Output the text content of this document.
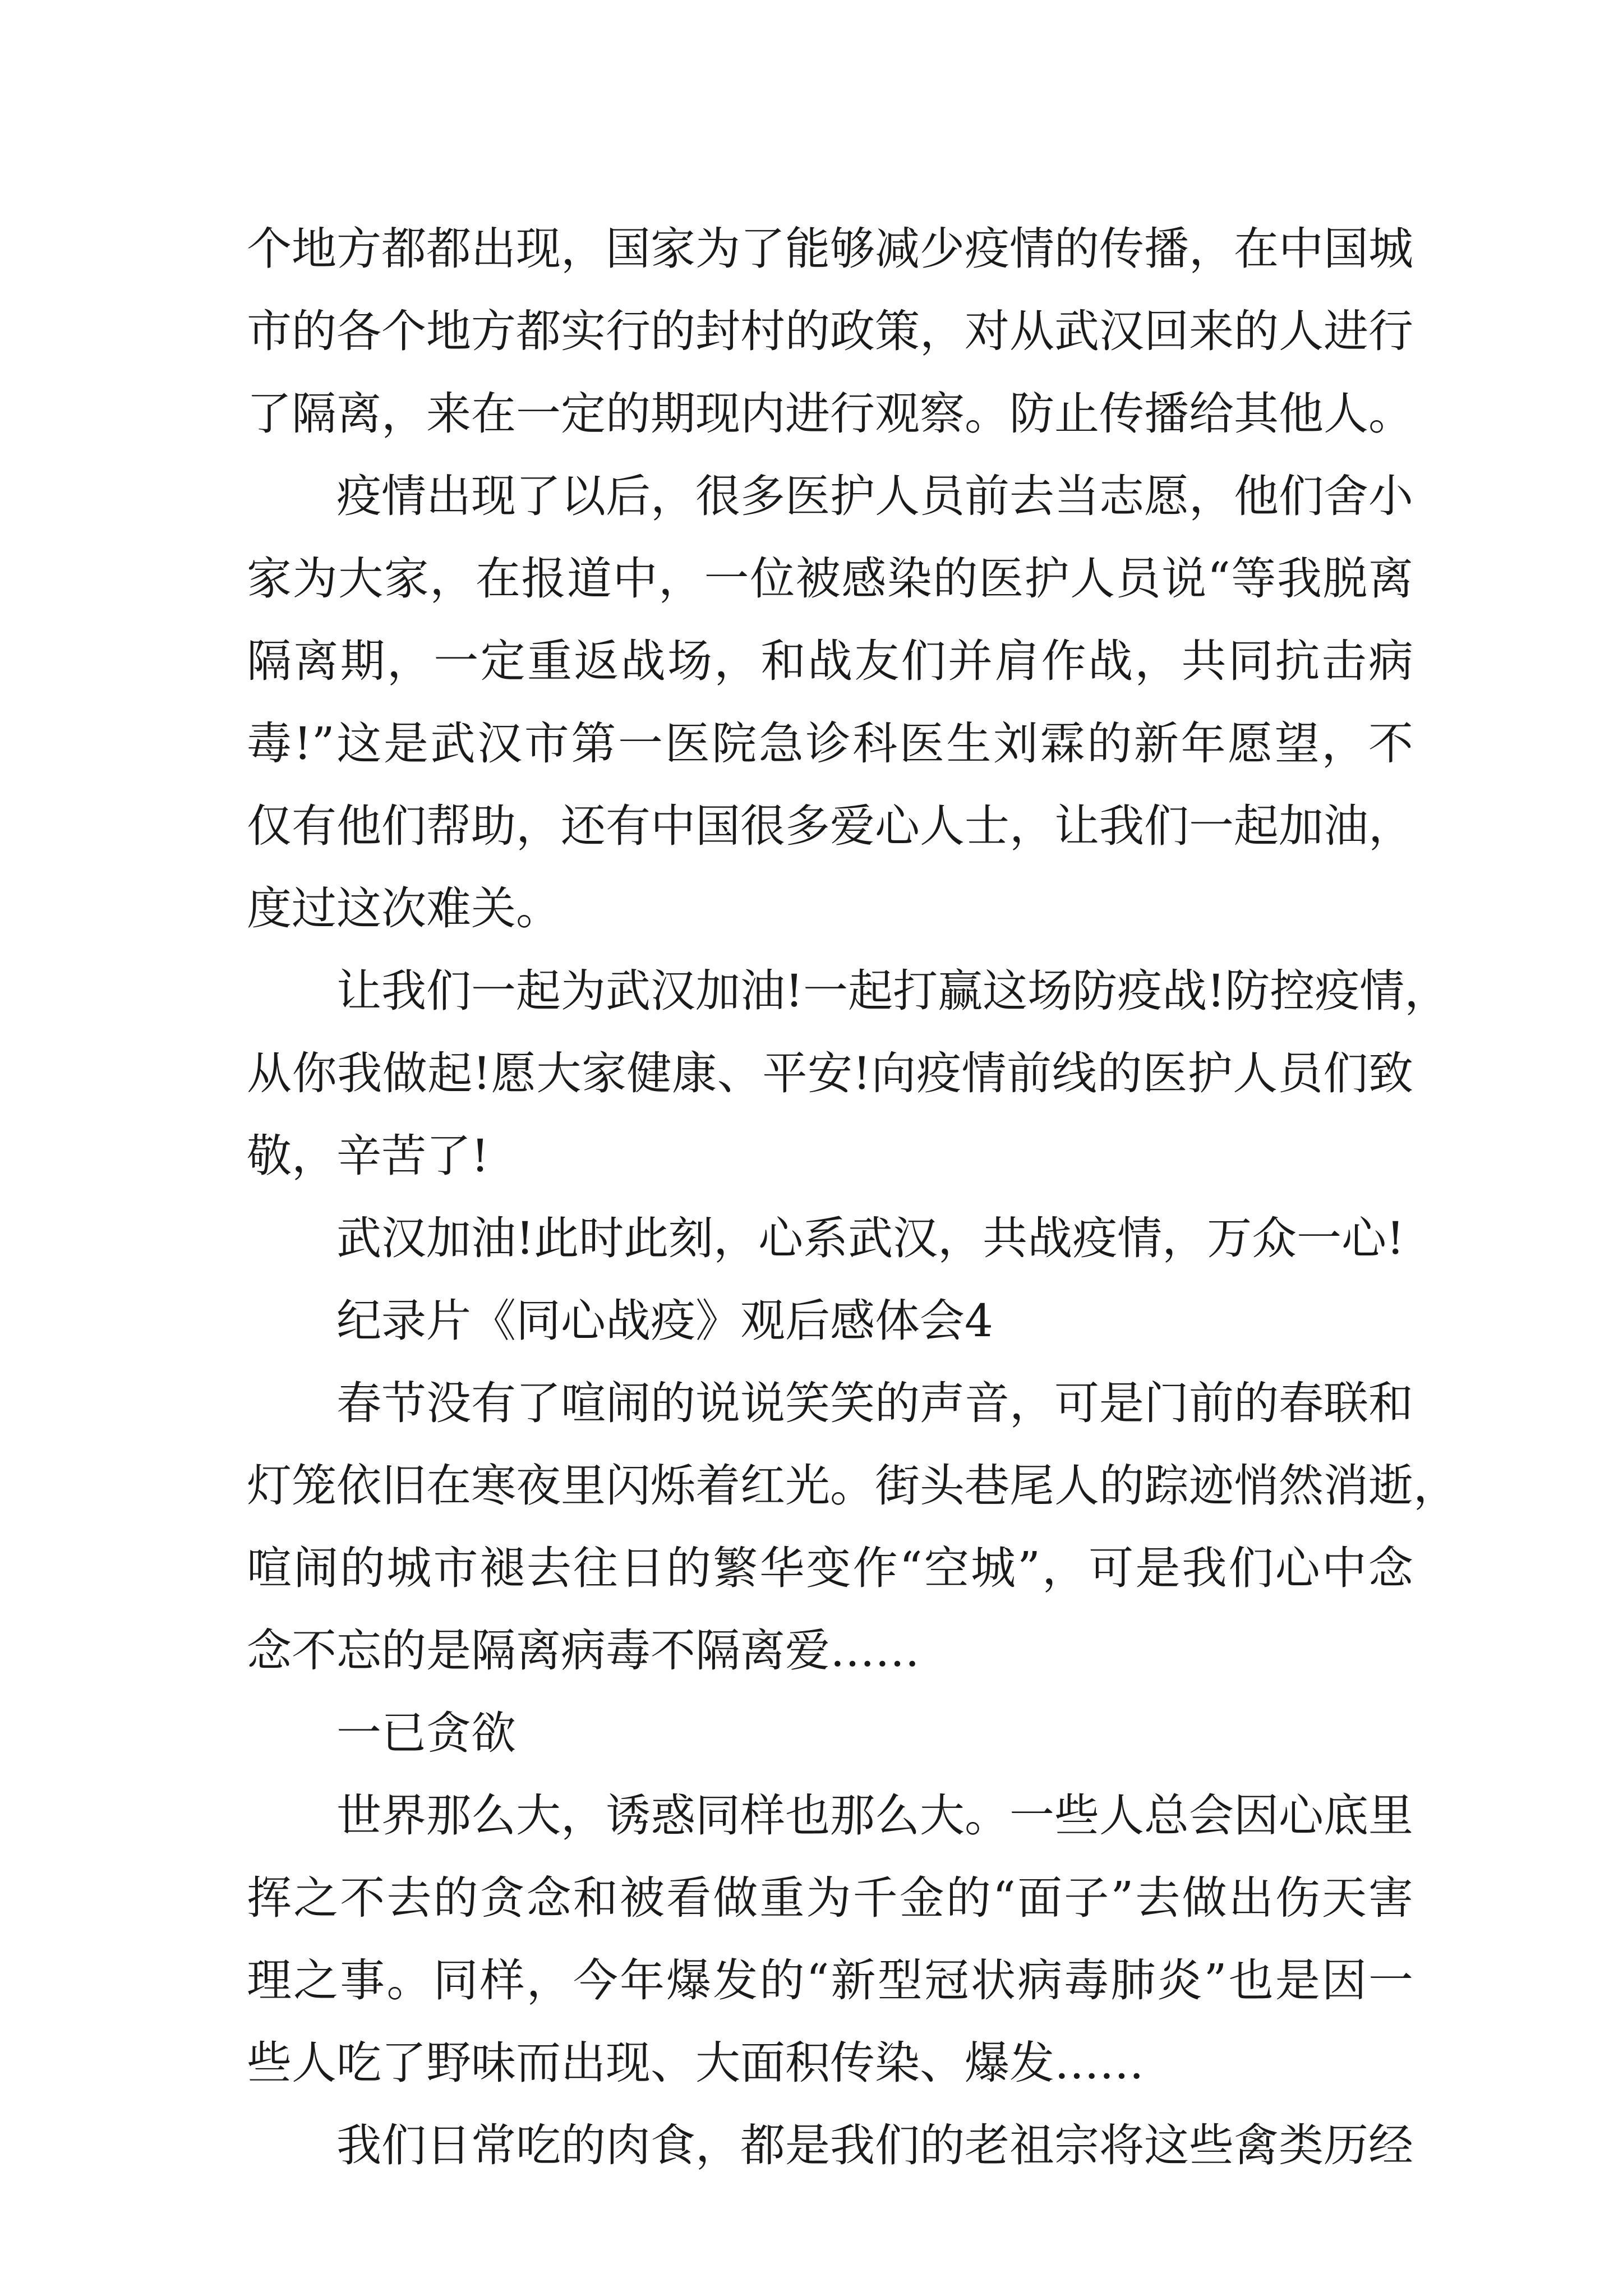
个地方都都出现，国家为了能够减少疫情的传播，在中国城
市的各个地方都实行的封村的政策，对从武汉回来的人进行
了隔离，来在一定的期现内进行观察。防止传播给其他人。
疫情出现了以后，很多医护人员前去当志愿，他们舍小
家为大家，在报道中，一位被感染的医护人员说“等我脱离
隔离期，一定重返战场，和战友们并肩作战，共同抗击病
毒!”这是武汉市第一医院急诊科医生刘霖的新年愿望，不
仅有他们帮助，还有中国很多爱心人士，让我们一起加油，
度过这次难关。
让我们一起为武汉加油!一起打赢这场防疫战!防控疫情，
从你我做起!愿大家健康、平安!向疫情前线的医护人员们致
敬，辛苦了!
武汉加油!此时此刻，心系武汉，共战疫情，万众一心!
纪录片《同心战疫》观后感体会4
春节没有了喧闹的说说笑笑的声音，可是门前的春联和
灯笼依旧在寒夜里闪烁着红光。街头巷尾人的踪迹悄然消逝，
喧闹的城市褪去往日的繁华变作“空城”，可是我们心中念
念不忘的是隔离病毒不隔离爱……
一已贪欲
世界那么大，诱惑同样也那么大。一些人总会因心底里
挥之不去的贪念和被看做重为千金的“面子”去做出伤天害
理之事。同样，今年爆发的“新型冠状病毒肺炎”也是因一
些人吃了野味而出现、大面积传染、爆发……
我们日常吃的肉食，都是我们的老祖宗将这些禽类历经
